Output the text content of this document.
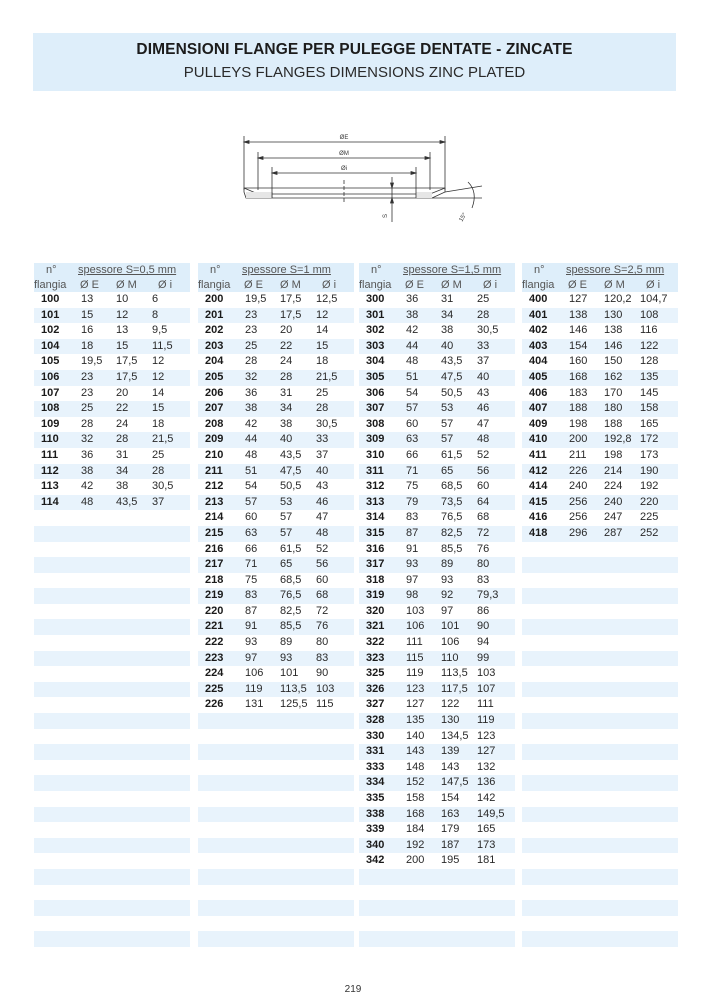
DIMENSIONI FLANGE PER PULEGGE DENTATE - ZINCATE
PULLEYS FLANGES DIMENSIONS ZINC PLATED
ØE
ØM
Øi
S	15°
n° spessore S=0,5 mm
flangia Ø E Ø M Ø i
100 13 10 6
101 15 12 8
102 16 13 9,5
104 18 15 11,5
105 19,5 17,5 12
106 23 17,5 12
107 23 20 14
108 25 22 15
109 28 24 18
110 32 28 21,5
111 36 31 25
112 38 34 28
113 42 38 30,5
114 48 43,5 37
n° spessore S=1 mm
flangia Ø E Ø M Ø i
200 19,5 17,5 12,5
201 23 17,5 12
202 23 20 14
203 25 22 15
204 28 24 18
205 32 28 21,5
206 36 31 25
207 38 34 28
208 42 38 30,5
209 44 40 33
210 48 43,5 37
211 51 47,5 40
212 54 50,5 43
213 57 53 46
214 60 57 47
215 63 57 48
216 66 61,5 52
217 71 65 56
218 75 68,5 60
219 83 76,5 68
220 87 82,5 72
221 91 85,5 76
222 93 89 80
223 97 93 83
224 106 101 90
225 119 113,5 103
226 131 125,5 115
n° spessore S=1,5 mm
flangia Ø E Ø M Ø i
300 36 31 25
301 38 34 28
302 42 38 30,5
303 44 40 33
304 48 43,5 37
305 51 47,5 40
306 54 50,5 43
307 57 53 46
308 60 57 47
309 63 57 48
310 66 61,5 52
311 71 65 56
312 75 68,5 60
313 79 73,5 64
314 83 76,5 68
315 87 82,5 72
316 91 85,5 76
317 93 89 80
318 97 93 83
319 98 92 79,3
320 103 97 86
321 106 101 90
322 111 106 94
323 115 110 99
325 119 113,5 103
326 123 117,5 107
327 127 122 111
328 135 130 119
330 140 134,5 123
331 143 139 127
333 148 143 132
334 152 147,5 136
335 158 154 142
338 168 163 149,5
339 184 179 165
340 192 187 173
342 200 195 181
n° spessore S=2,5 mm
flangia Ø E Ø M Ø i
400 127 120,2 104,7
401 138 130 108
402 146 138 116
403 154 146 122
404 160 150 128
405 168 162 135
406 183 170 145
407 188 180 158
409 198 188 165
410 200 192,8 172
411 211 198 173
412 226 214 190
414 240 224 192
415 256 240 220
416 256 247 225
418 296 287 252
219
